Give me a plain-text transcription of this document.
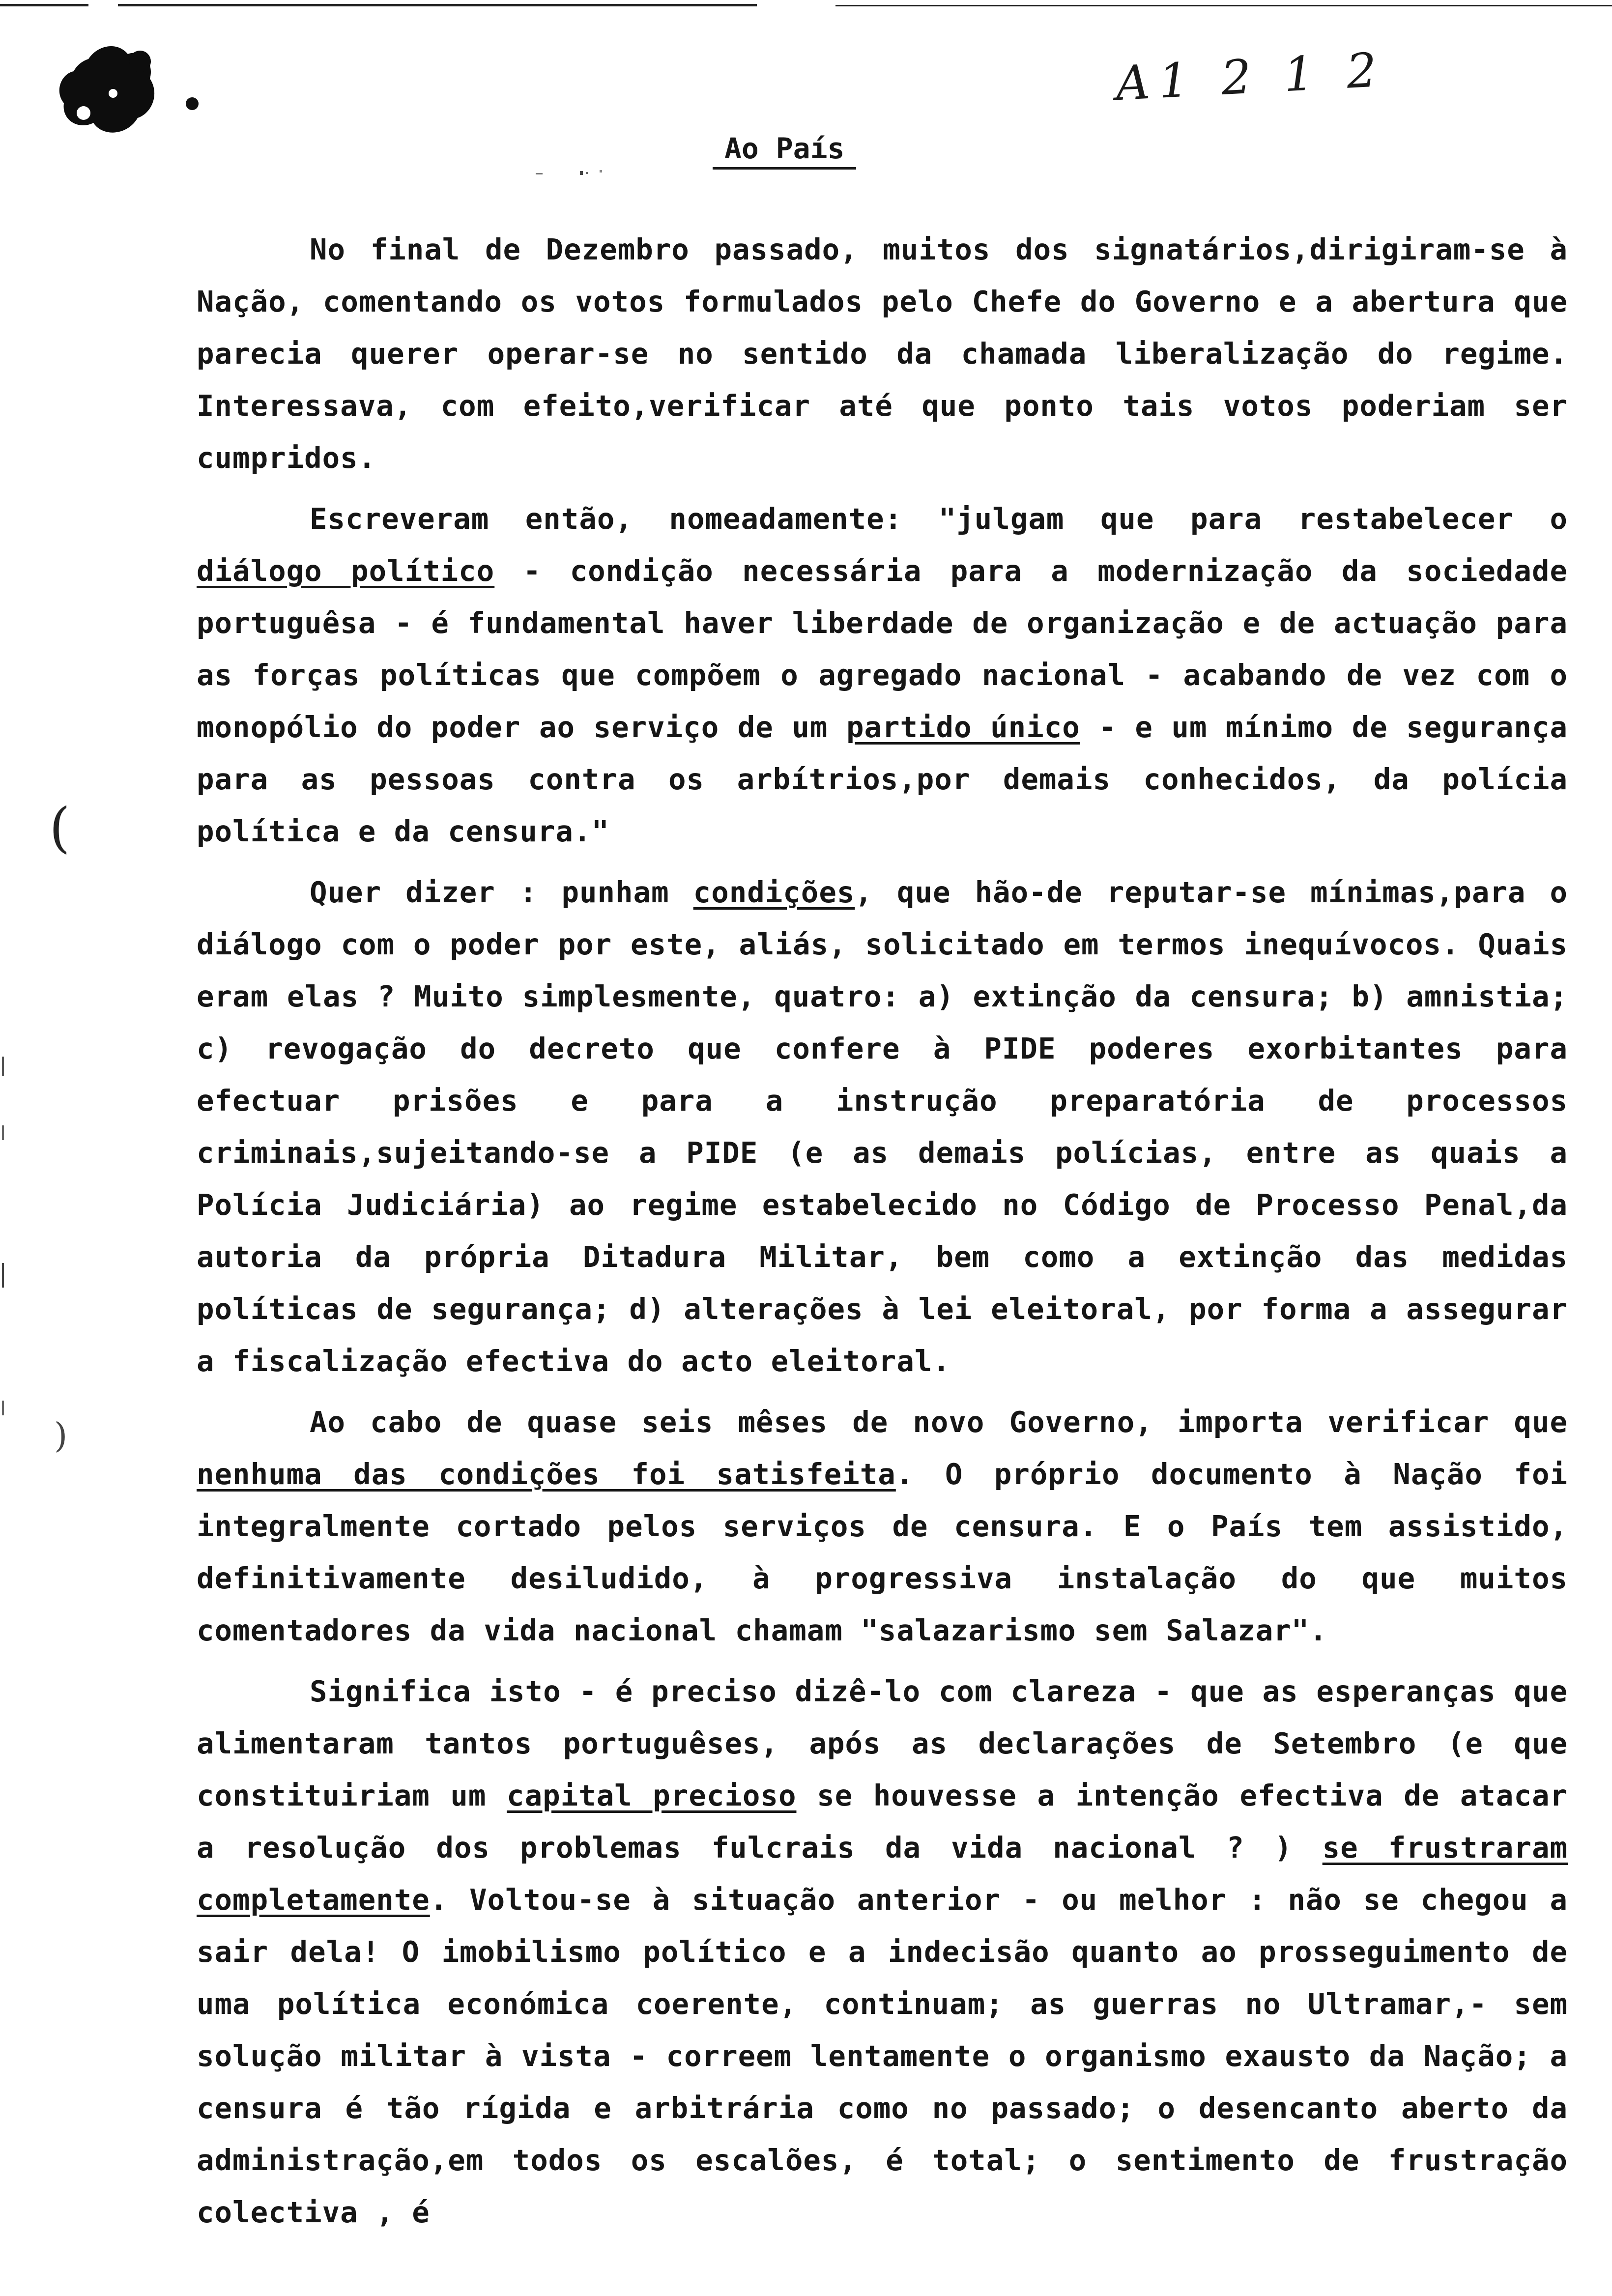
A1 2 1 2
Ao País

No final de Dezembro passado, muitos dos signatários,dirigiram-se à Nação, comentando os votos formulados pelo Chefe do Governo e a abertura que parecia querer operar-se no sentido da chamada liberalização do regime. Interessava, com efeito,verificar até que ponto tais votos poderiam ser cumpridos.

Escreveram então, nomeadamente: "julgam que para restabelecer o diálogo político - condição necessária para a modernização da sociedade portuguêsa - é fundamental haver liberdade de organização e de actuação para as forças políticas que compõem o agregado nacional - acabando de vez com o monopólio do poder ao serviço de um partido único - e um mínimo de segurança para as pessoas contra os arbítrios,por demais conhecidos, da polícia política e da censura."

Quer dizer : punham condições, que hão-de reputar-se mínimas,para o diálogo com o poder por este, aliás, solicitado em termos inequívocos. Quais eram elas ? Muito simplesmente, quatro: a) extinção da censura; b) amnistia; c) revogação do decreto que confere à PIDE poderes exorbitantes para efectuar prisões e para a instrução preparatória de processos criminais,sujeitando-se a PIDE (e as demais polícias, entre as quais a Polícia Judiciária) ao regime estabelecido no Código de Processo Penal,da autoria da própria Ditadura Militar, bem como a extinção das medidas políticas de segurança; d) alterações à lei eleitoral, por forma a assegurar a fiscalização efectiva do acto eleitoral.

Ao cabo de quase seis mêses de novo Governo, importa verificar que nenhuma das condições foi satisfeita. O próprio documento à Nação foi integralmente cortado pelos serviços de censura. E o País tem assistido, definitivamente desiludido, à progressiva instalação do que muitos comentadores da vida nacional chamam "salazarismo sem Salazar".

Significa isto - é preciso dizê-lo com clareza - que as esperanças que alimentaram tantos portuguêses, após as declarações de Setembro (e que constituiriam um capital precioso se houvesse a intenção efectiva de atacar a resolução dos problemas fulcrais da vida nacional ? ) se frustraram completamente. Voltou-se à situação anterior - ou melhor : não se chegou a sair dela! O imobilismo político e a indecisão quanto ao prosseguimento de uma política económica coerente, continuam; as guerras no Ultramar,- sem solução militar à vista - correem lentamente o organismo exausto da Nação; a censura é tão rígida e arbitrária como no passado; o desencanto aberto da administração,em todos os escalões, é total; o sentimento de frustração colectiva , é

(
)
